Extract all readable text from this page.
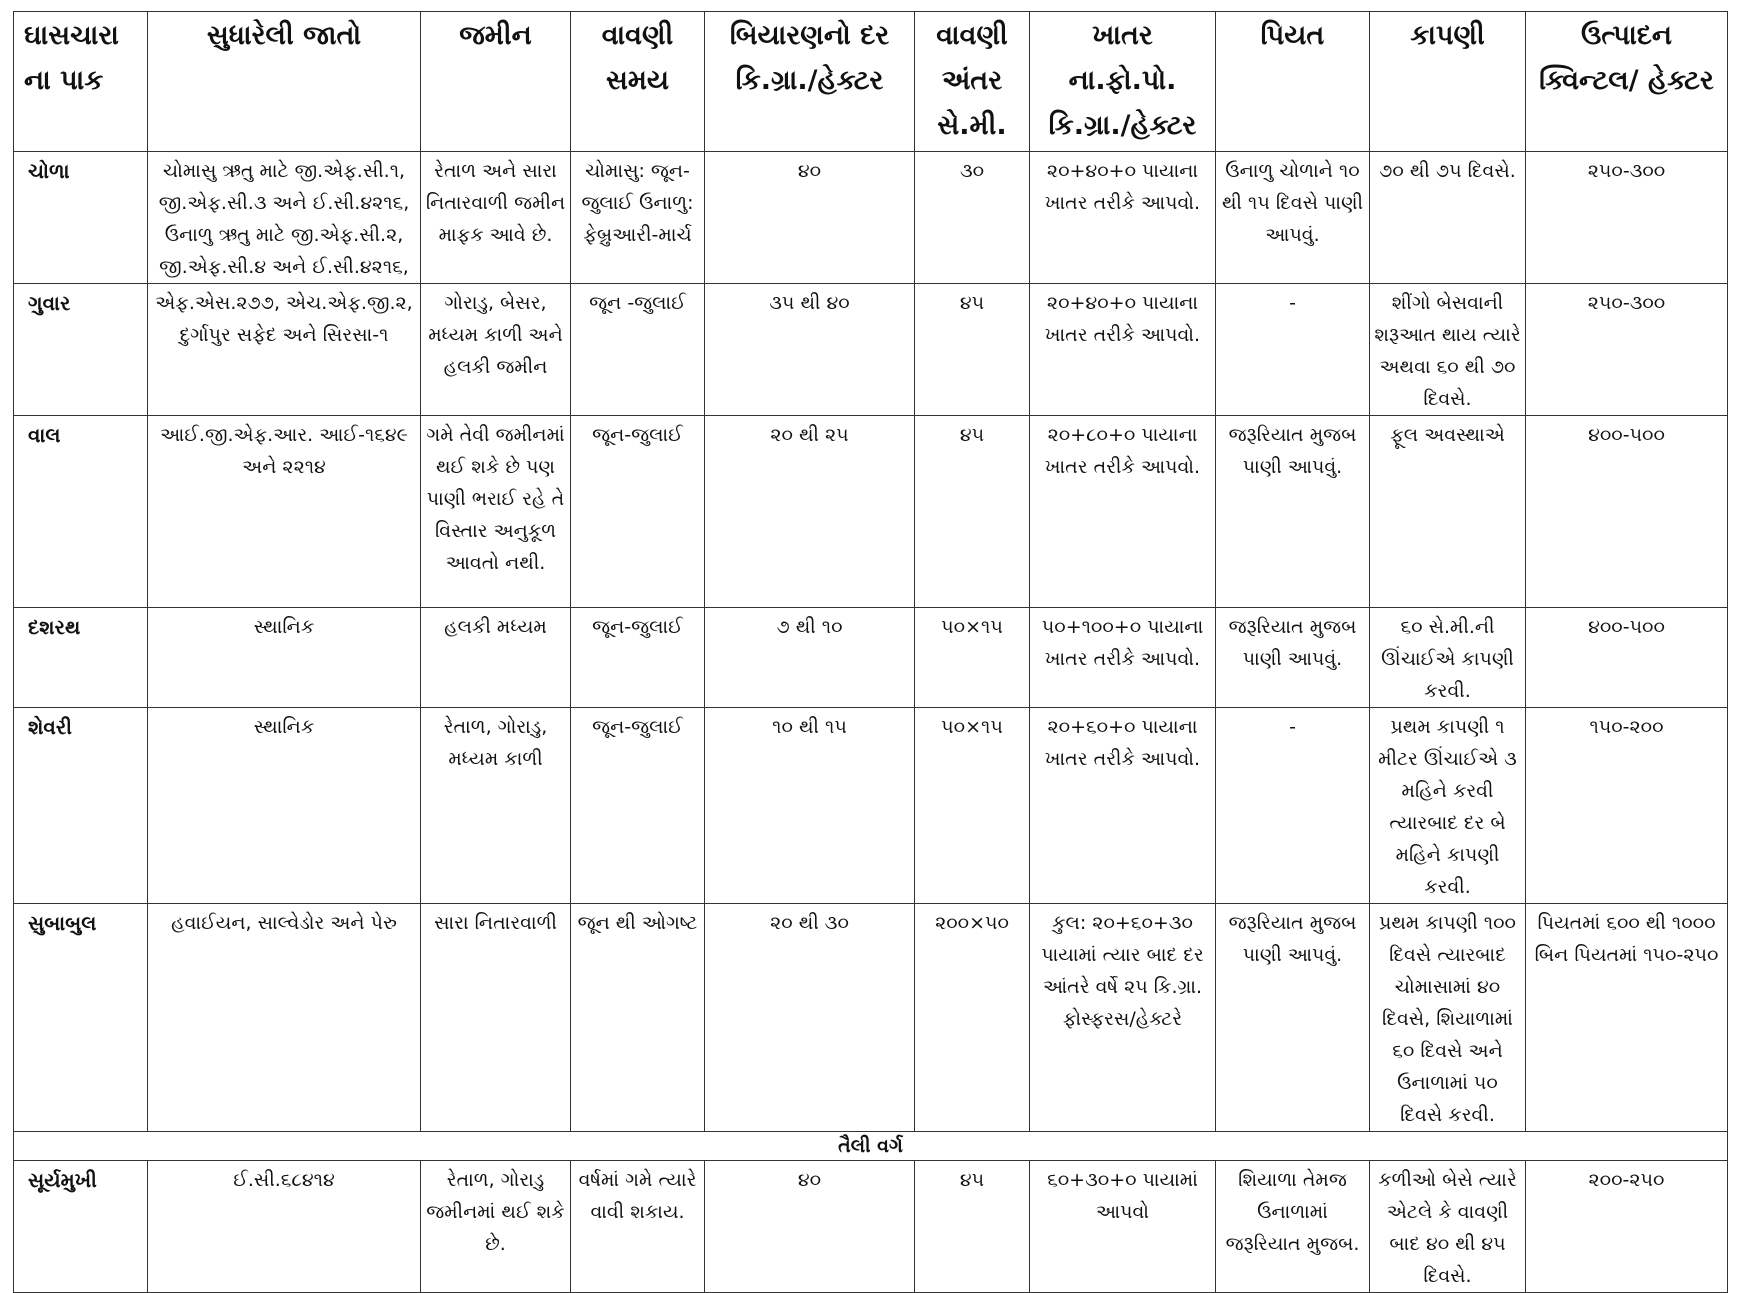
ઘાસચારાના પાક	સુધારેલી જાતો	જમીન	વાવણી સમય	બિયારણનો દર કિ.ગ્રા./હેક્ટર	વાવણી અંતર સે.મી.	ખાતર ના.ફો.પો. કિ.ગ્રા./હેક્ટર	પિયત	કાપણી	ઉત્પાદન ક્વિન્ટલ/ હેક્ટર
ચોળા	ચોમાસુ ઋતુ માટે જી.એફ.સી.૧, જી.એફ.સી.૩ અને ઈ.સી.૪૨૧૬, ઉનાળુ ઋતુ માટે જી.એફ.સી.૨, જી.એફ.સી.૪ અને ઈ.સી.૪૨૧૬,	રેતાળ અને સારા નિતારવાળી જમીન માફક આવે છે.	ચોમાસુ: જૂન-જુલાઈ ઉનાળુ: ફેબ્રુઆરી-માર્ચ	૪૦	૩૦	૨૦+૪૦+૦ પાયાના ખાતર તરીકે આપવો.	ઉનાળુ ચોળાને ૧૦ થી ૧૫ દિવસે પાણી આપવું.	૭૦ થી ૭૫ દિવસે.	૨૫૦-૩૦૦
ગુવાર	એફ.એસ.૨૭૭, એચ.એફ.જી.૨, દુર્ગાપુર સફેદ અને સિરસા-૧	ગોરાડુ, બેસર, મધ્યમ કાળી અને હલકી જમીન	જૂન -જુલાઈ	૩૫ થી ૪૦	૪૫	૨૦+૪૦+૦ પાયાના ખાતર તરીકે આપવો.	-	શીંગો બેસવાની શરૂઆત થાય ત્યારે અથવા ૬૦ થી ૭૦ દિવસે.	૨૫૦-૩૦૦
વાલ	આઈ.જી.એફ.આર. આઈ-૧૬૪૯ અને ૨૨૧૪	ગમે તેવી જમીનમાં થઈ શકે છે પણ પાણી ભરાઈ રહે તે વિસ્તાર અનુકૂળ આવતો નથી.	જૂન-જુલાઈ	૨૦ થી ૨૫	૪૫	૨૦+૮૦+૦ પાયાના ખાતર તરીકે આપવો.	જરૂરિયાત મુજબ પાણી આપવું.	ફૂલ અવસ્થાએ	૪૦૦-૫૦૦
દશરથ	સ્થાનિક	હલકી મધ્યમ	જૂન-જુલાઈ	૭ થી ૧૦	૫૦×૧૫	૫૦+૧૦૦+૦ પાયાના ખાતર તરીકે આપવો.	જરૂરિયાત મુજબ પાણી આપવું.	૬૦ સે.મી.ની ઊંચાઈએ કાપણી કરવી.	૪૦૦-૫૦૦
શેવરી	સ્થાનિક	રેતાળ, ગોરાડુ, મધ્યમ કાળી	જૂન-જુલાઈ	૧૦ થી ૧૫	૫૦×૧૫	૨૦+૬૦+૦ પાયાના ખાતર તરીકે આપવો.	-	પ્રથમ કાપણી ૧ મીટર ઊંચાઈએ ૩ મહિને કરવી ત્યારબાદ દર બે મહિને કાપણી કરવી.	૧૫૦-૨૦૦
સુબાબુલ	હવાઈયન, સાલ્વેડોર અને પેરુ	સારા નિતારવાળી	જૂન થી ઓગષ્ટ	૨૦ થી ૩૦	૨૦૦×૫૦	કુલ: ૨૦+૬૦+૩૦ પાયામાં ત્યાર બાદ દર આંતરે વર્ષે ૨૫ કિ.ગ્રા. ફોસ્ફરસ/હેક્ટરે	જરૂરિયાત મુજબ પાણી આપવું.	પ્રથમ કાપણી ૧૦૦ દિવસે ત્યારબાદ ચોમાસામાં ૪૦ દિવસે, શિયાળામાં ૬૦ દિવસે અને ઉનાળામાં ૫૦ દિવસે કરવી.	પિયતમાં ૬૦૦ થી ૧૦૦૦ બિન પિયતમાં ૧૫૦-૨૫૦
તૈલી વર્ગ									
સૂર્યમુખી	ઈ.સી.૬૮૪૧૪	રેતાળ, ગોરાડુ જમીનમાં થઈ શકે છે.	વર્ષમાં ગમે ત્યારે વાવી શકાય.	૪૦	૪૫	૬૦+૩૦+૦ પાયામાં આપવો	શિયાળા તેમજ ઉનાળામાં જરૂરિયાત મુજબ.	કળીઓ બેસે ત્યારે એટલે કે વાવણી બાદ ૪૦ થી ૪૫ દિવસે.	૨૦૦-૨૫૦
